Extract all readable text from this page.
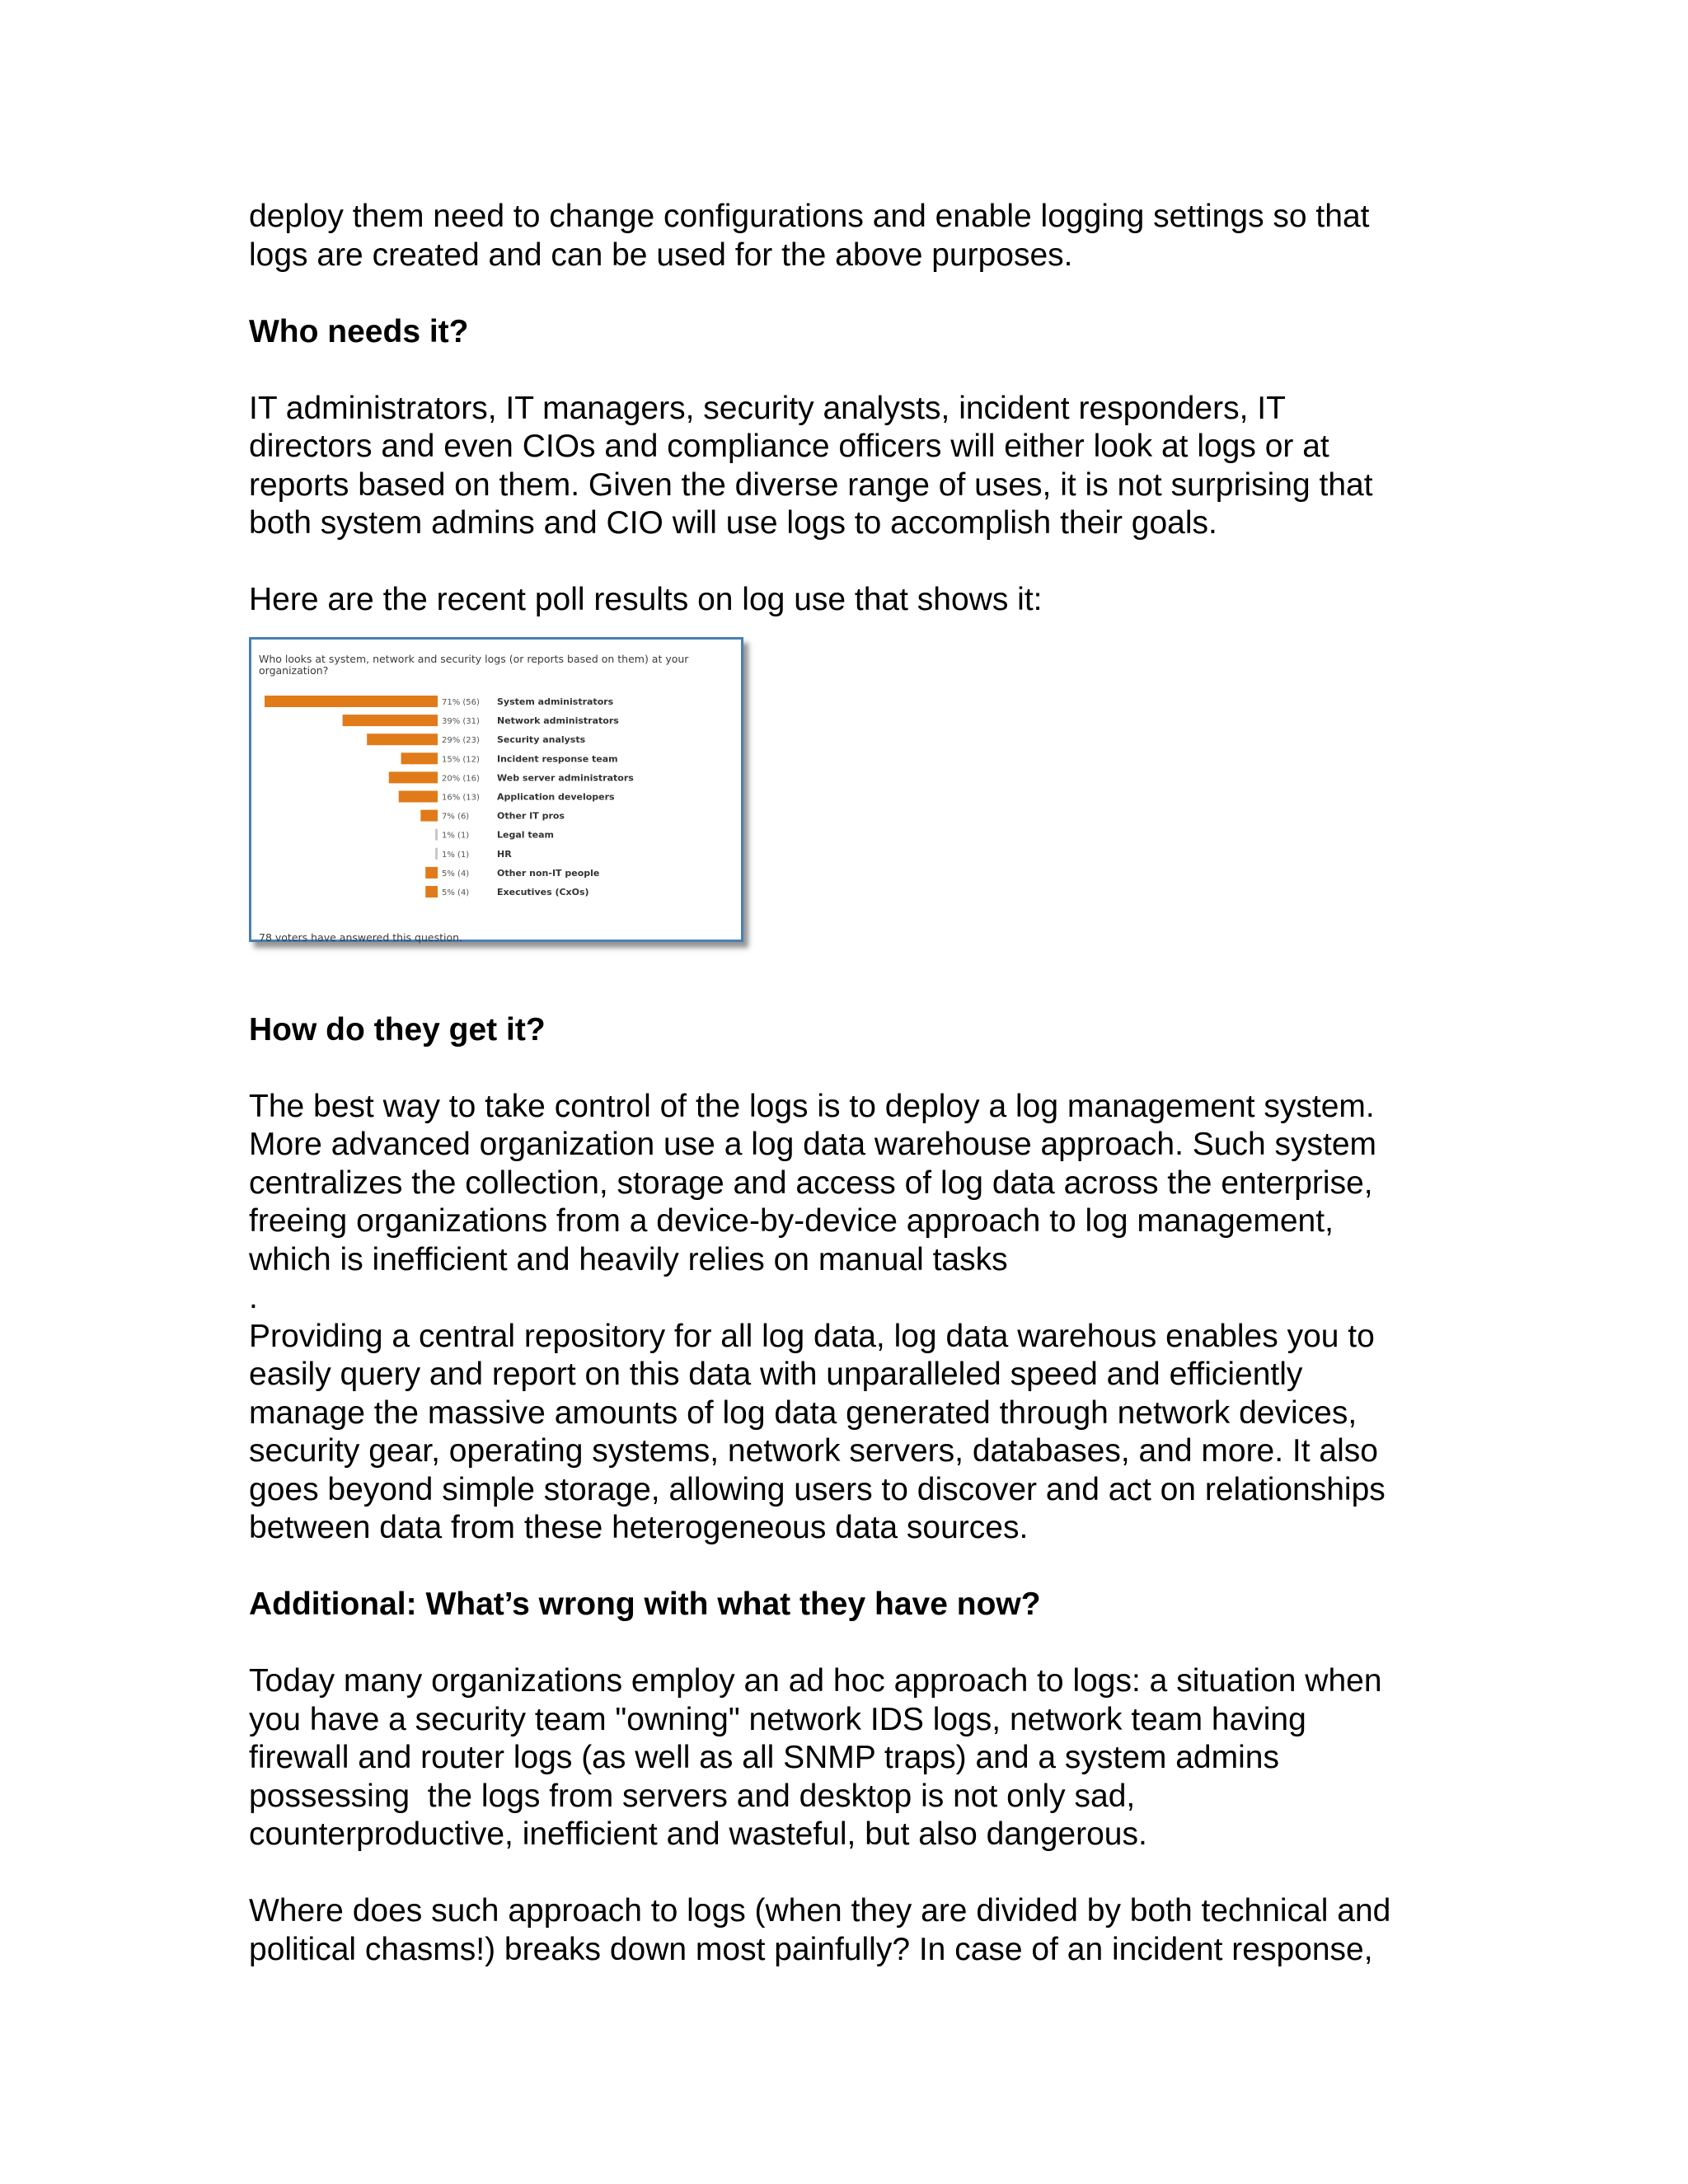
deploy them need to change configurations and enable logging settings so that
logs are created and can be used for the above purposes.

Who needs it?

IT administrators, IT managers, security analysts, incident responders, IT
directors and even CIOs and compliance officers will either look at logs or at
reports based on them. Given the diverse range of uses, it is not surprising that
both system admins and CIO will use logs to accomplish their goals.

Here are the recent poll results on log use that shows it:

Who looks at system, network and security logs (or reports based on them) at your organization?
71% (56) System administrators
39% (31) Network administrators
29% (23) Security analysts
15% (12) Incident response team
20% (16) Web server administrators
16% (13) Application developers
7% (6)	Other IT pros
1% (1)	Legal team
1% (1)	HR
5% (4)	Other non-IT people
5% (4)	Executives (CxOs)
78 voters have answered this question.

How do they get it?

The best way to take control of the logs is to deploy a log management system.
More advanced organization use a log data warehouse approach. Such system
centralizes the collection, storage and access of log data across the enterprise,
freeing organizations from a device-by-device approach to log management,
which is inefficient and heavily relies on manual tasks
.
Providing a central repository for all log data, log data warehous enables you to
easily query and report on this data with unparalleled speed and efficiently
manage the massive amounts of log data generated through network devices,
security gear, operating systems, network servers, databases, and more. It also
goes beyond simple storage, allowing users to discover and act on relationships
between data from these heterogeneous data sources.

Additional: What’s wrong with what they have now?

Today many organizations employ an ad hoc approach to logs: a situation when
you have a security team "owning" network IDS logs, network team having
firewall and router logs (as well as all SNMP traps) and a system admins
possessing  the logs from servers and desktop is not only sad,
counterproductive, inefficient and wasteful, but also dangerous.

Where does such approach to logs (when they are divided by both technical and
political chasms!) breaks down most painfully? In case of an incident response,
